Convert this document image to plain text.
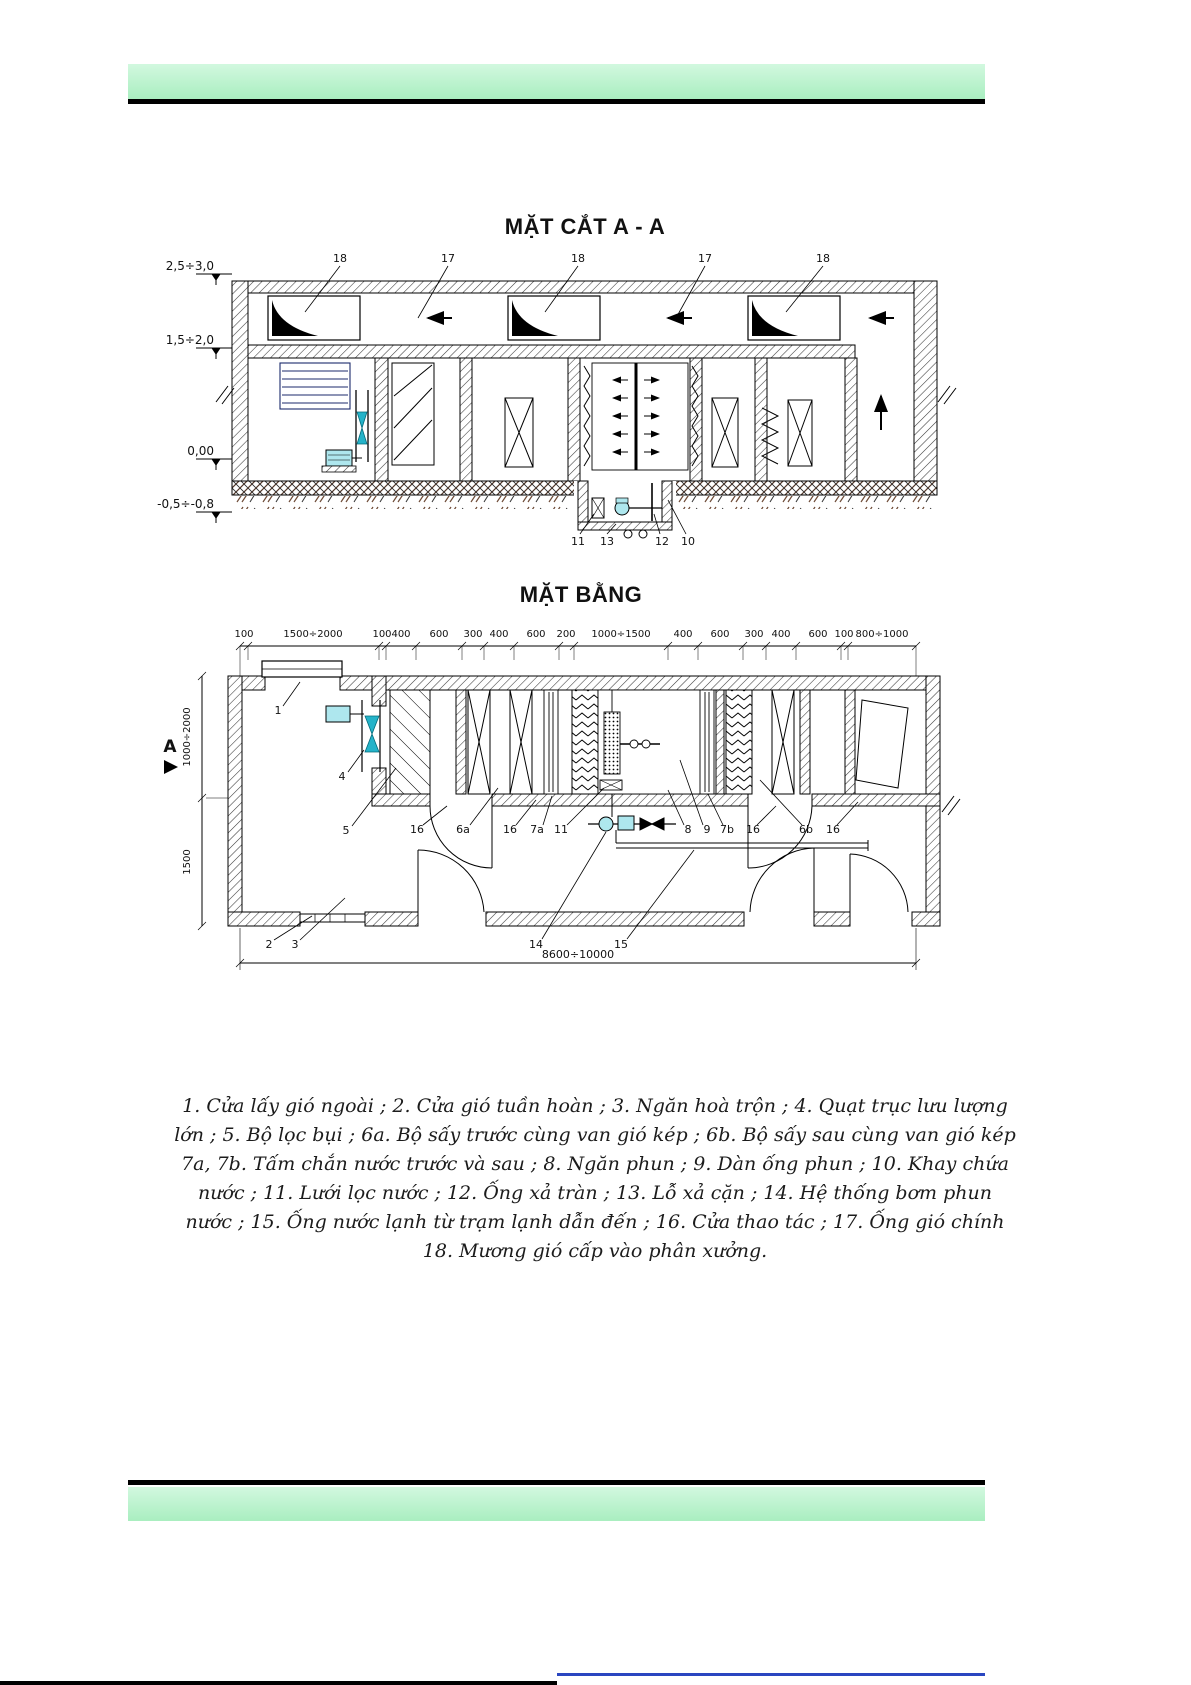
MẶT CẮT A - A
MẶT BẰNG
2,5÷3,0
1,5÷2,0
0,00
-0,5÷-0,8
18	17	18	17	18
11 13	12 10
100	1500÷2000	100 400 600 300 400 600 200 1000÷1500 400 600 300 400 600 100 800÷1000
1000÷2000
1500
A
1
4
5	16	6a	16 7a 11	8 9 7b 16	6b 16
2 3	14	15
8600÷10000
1. Cửa lấy gió ngoài ; 2. Cửa gió tuần hoàn ; 3. Ngăn hoà trộn ; 4. Quạt trục lưu lượng
lớn ; 5. Bộ lọc bụi ; 6a. Bộ sấy trước cùng van gió kép ; 6b. Bộ sấy sau cùng van gió kép
7a, 7b. Tấm chắn nước trước và sau ; 8. Ngăn phun ; 9. Dàn ống phun ; 10. Khay chứa
nước ; 11. Lưới lọc nước ; 12. Ống xả tràn ; 13. Lỗ xả cặn ; 14. Hệ thống bơm phun
nước ; 15. Ống nước lạnh từ trạm lạnh dẫn đến ; 16. Cửa thao tác ; 17. Ống gió chính
18. Mương gió cấp vào phân xưởng.
